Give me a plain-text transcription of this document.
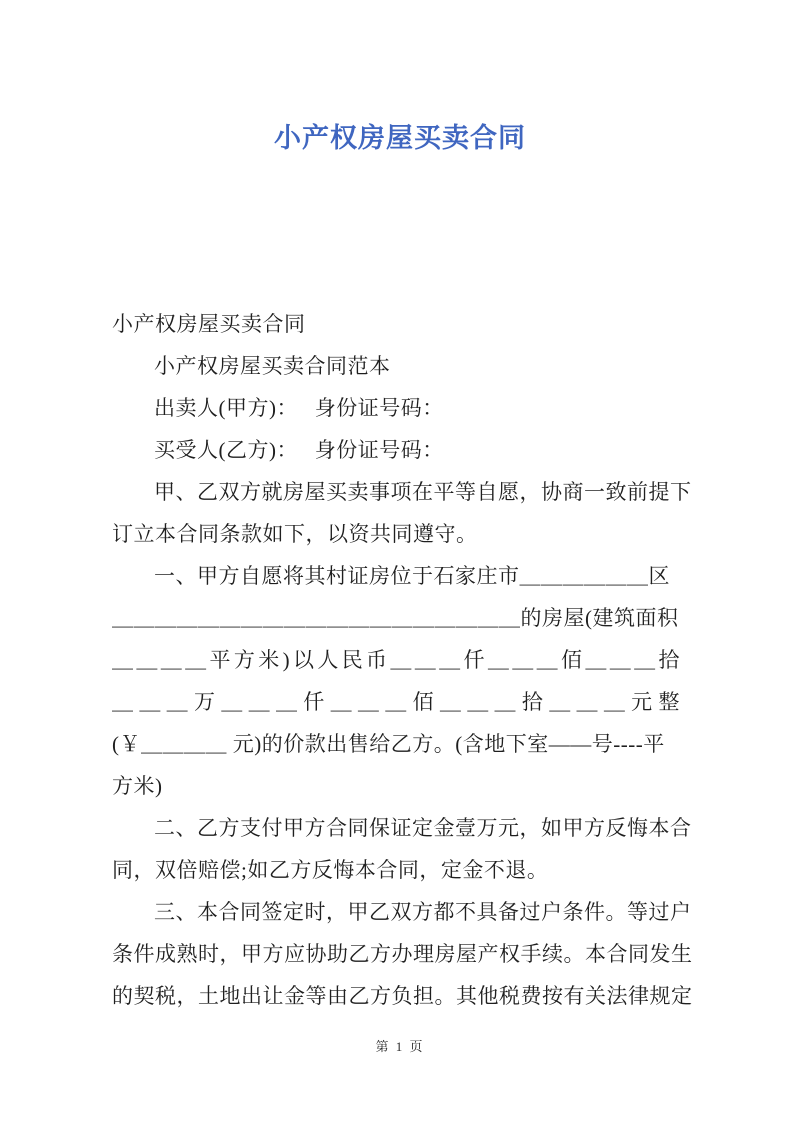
小产权房屋买卖合同

小产权房屋买卖合同

小产权房屋买卖合同范本

出卖人(甲方)：　 身份证号码：

买受人(乙方)：　 身份证号码：

甲、乙双方就房屋买卖事项在平等自愿，协商一致前提下

订立本合同条款如下，以资共同遵守。

一、甲方自愿将其村证房位于石家庄市＿＿＿＿＿＿区

＿＿＿＿＿＿＿＿＿＿＿＿＿＿＿＿＿＿＿的房屋(建筑面积

＿＿＿＿平方米)以人民币＿＿＿仟＿＿＿佰＿＿＿拾

＿＿＿万＿＿＿仟＿＿＿佰＿＿＿拾＿＿＿元整

(￥＿＿＿＿ 元)的价款出售给乙方。(含地下室——号----平

方米)

二、乙方支付甲方合同保证定金壹万元，如甲方反悔本合

同，双倍赔偿;如乙方反悔本合同，定金不退。

三、本合同签定时，甲乙双方都不具备过户条件。等过户

条件成熟时，甲方应协助乙方办理房屋产权手续。本合同发生

的契税，土地出让金等由乙方负担。其他税费按有关法律规定

第 1 页
